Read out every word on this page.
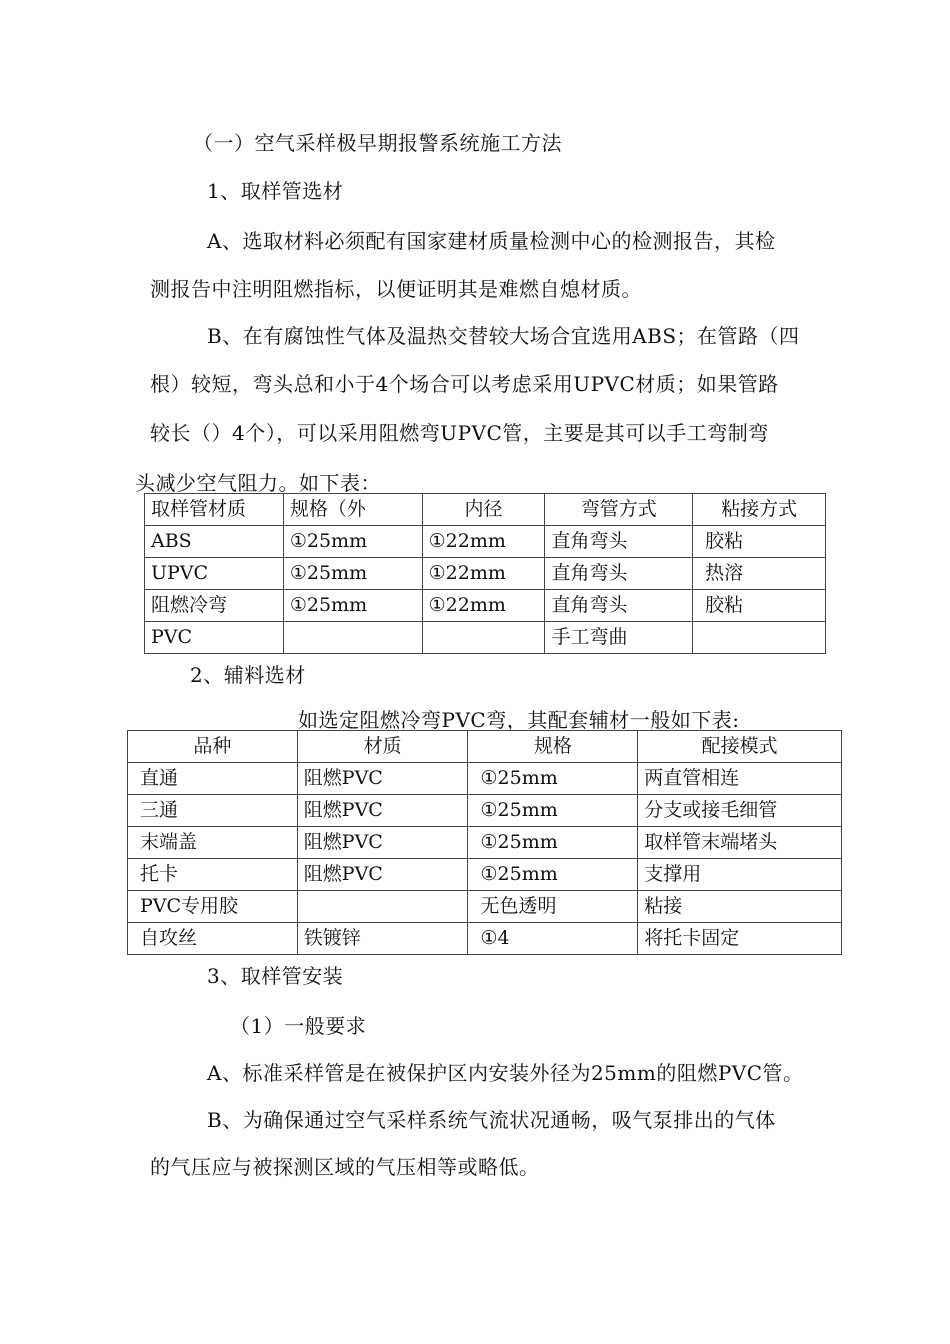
（一）空气采样极早期报警系统施工方法
1、取样管选材
A、选取材料必须配有国家建材质量检测中心的检测报告，其检
测报告中注明阻燃指标，以便证明其是难燃自熄材质。
B、在有腐蚀性气体及温热交替较大场合宜选用ABS；在管路（四
根）较短，弯头总和小于4个场合可以考虑采用UPVC材质；如果管路
较长（）4个），可以采用阻燃弯UPVC管，主要是其可以手工弯制弯
头减少空气阻力。如下表：
取样管材质	规格（外	内径	弯管方式	粘接方式
ABS	①25mm	①22mm	直角弯头	胶粘
UPVC	①25mm	①22mm	直角弯头	热溶
阻燃冷弯	①25mm	①22mm	直角弯头	胶粘
PVC			手工弯曲	
2、辅料选材
如选定阻燃冷弯PVC弯，其配套辅材一般如下表:
品种	材质	规格	配接模式
直通	阻燃PVC	①25mm	两直管相连
三通	阻燃PVC	①25mm	分支或接毛细管
末端盖	阻燃PVC	①25mm	取样管末端堵头
托卡	阻燃PVC	①25mm	支撑用
PVC专用胶		无色透明	粘接
自攻丝	铁镀锌	①4	将托卡固定
3、取样管安装
（1）一般要求
A、标准采样管是在被保护区内安装外径为25mm的阻燃PVC管。
B、为确保通过空气采样系统气流状况通畅，吸气泵排出的气体
的气压应与被探测区域的气压相等或略低。
